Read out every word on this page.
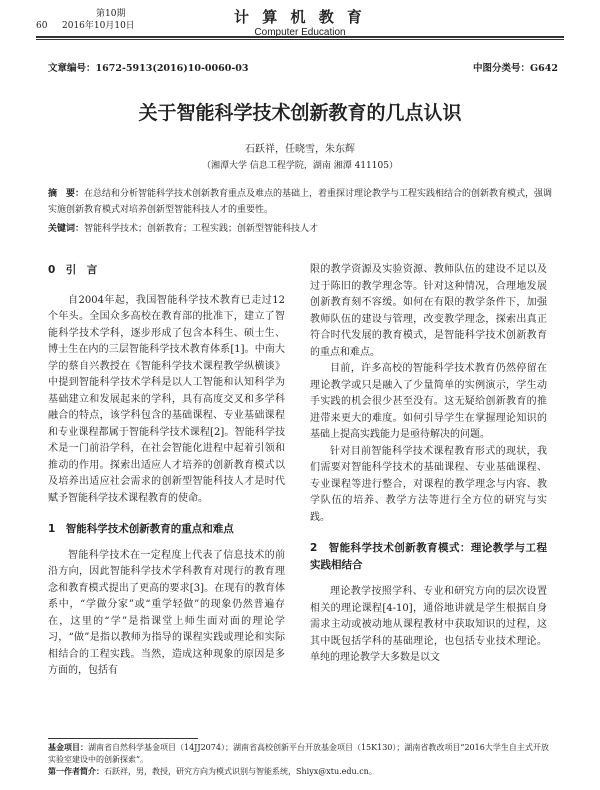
第10期
60 2016年10月10日	计 算 机 教 育
Computer Education
文章编号：1672-5913(2016)10-0060-03	中图分类号：G642
关于智能科学技术创新教育的几点认识
石跃祥，任晓雪，朱东辉
（湘潭大学 信息工程学院，湖南 湘潭 411105）
摘　要：在总结和分析智能科学技术创新教育重点及难点的基础上，着重探讨理论教学与工程实践相结合的创新教育模式，强调实施创新教育模式对培养创新型智能科技人才的重要性。
关键词：智能科学技术；创新教育；工程实践；创新型智能科技人才
0　引　言

自2004年起，我国智能科学技术教育已走过12个年头。全国众多高校在教育部的批准下，建立了智能科学技术学科，逐步形成了包含本科生、硕士生、博士生在内的三层智能科学技术教育体系[1]。中南大学的蔡自兴教授在《智能科学技术课程教学纵横谈》中提到智能科学技术学科是以人工智能和认知科学为基础建立和发展起来的学科，具有高度交叉和多学科融合的特点，该学科包含的基础课程、专业基础课程和专业课程都属于智能科学技术课程[2]。智能科学技术是一门前沿学科，在社会智能化进程中起着引领和推动的作用。探索出适应人才培养的创新教育模式以及培养出适应社会需求的创新型智能科技人才是时代赋予智能科学技术课程教育的使命。

1　智能科学技术创新教育的重点和难点

智能科学技术在一定程度上代表了信息技术的前沿方向，因此智能科学技术学科教育对现行的教育理念和教育模式提出了更高的要求[3]。在现有的教育体系中，“学做分家”或“重学轻做”的现象仍然普遍存在，这里的“学”是指课堂上师生面对面的理论学习，“做”是指以教师为指导的课程实践或理论和实际相结合的工程实践。当然，造成这种现象的原因是多方面的，包括有

限的教学资源及实验资源、教师队伍的建设不足以及过于陈旧的教学理念等。针对这种情况，合理地发展创新教育刻不容缓。如何在有限的教学条件下，加强教师队伍的建设与管理，改变教学理念，探索出真正符合时代发展的教育模式，是智能科学技术创新教育的重点和难点。

目前，许多高校的智能科学技术教育仍然停留在理论教学或只是融入了少量简单的实例演示，学生动手实践的机会很少甚至没有。这无疑给创新教育的推进带来更大的难度。如何引导学生在掌握理论知识的基础上提高实践能力是亟待解决的问题。

针对目前智能科学技术课程教育形式的现状，我们需要对智能科学技术的基础课程、专业基础课程、专业课程等进行整合，对课程的教学理念与内容、教学队伍的培养、教学方法等进行全方位的研究与实践。

2　智能科学技术创新教育模式：理论教学与工程实践相结合

理论教学按照学科、专业和研究方向的层次设置相关的理论课程[4-10]，通俗地讲就是学生根据自身需求主动或被动地从课程教材中获取知识的过程，这其中既包括学科的基础理论，也包括专业技术理论。单纯的理论教学大多数是以文

基金项目：湖南省自然科学基金项目（14JJ2074）；湖南省高校创新平台开放基金项目（15K130）；湖南省教改项目“2016大学生自主式开放实验室建设中的创新探索”。
第一作者简介：石跃祥，男，教授，研究方向为模式识别与智能系统，Shiyx@xtu.edu.cn。
